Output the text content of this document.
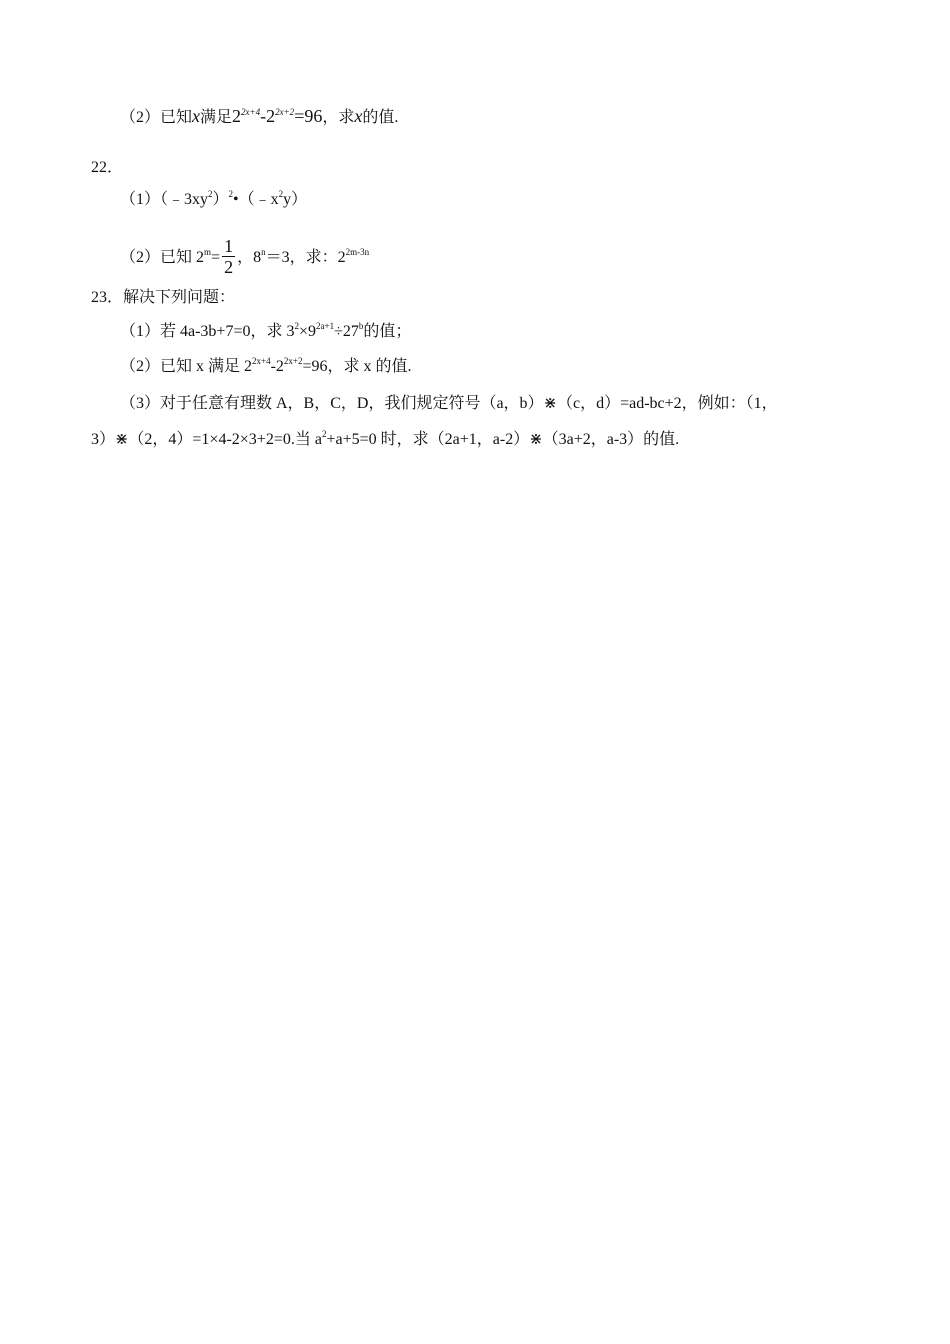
（2）已知x满足$2^{2x+4}-2^{2x+2}=96$，求x的值.
22．
$(1)(﹣3xy^2)^2•(﹣x^2y)$
（2）已知 $2^m= \frac{1}{2}$ ，$8^n=3$，求：$2^{2m-3n}$
23．解决下列问题：
（1）若 4a-3b+7=0，求 $3^2\times 9^{2a+1}\div 27^b$的值；
（2）已知 x 满足 $2^{2x+4}-2^{2x+2}=96$，求 x 的值.
（3）对于任意有理数 A，B，C，D，我们规定符号（a，b）⋇（c，d）=ad-bc+2，例如：（1，
3）⋇（2，4）=1×4-2×3+2=0.当 $a^2+a+5=0$ 时，求（2a+1，a-2）⋇（3a+2，a-3）的值.
